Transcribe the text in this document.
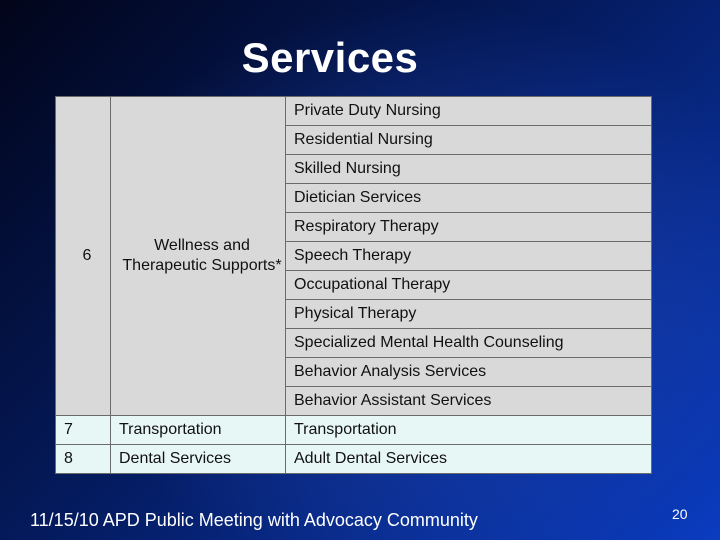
Services
6	Wellness and Therapeutic Supports*	Private Duty Nursing
		Residential Nursing
		Skilled Nursing
		Dietician Services
		Respiratory Therapy
		Speech Therapy
		Occupational Therapy
		Physical Therapy
		Specialized Mental Health Counseling
		Behavior Analysis Services
		Behavior Assistant Services
7	Transportation	Transportation
8	Dental Services	Adult Dental Services
11/15/10 APD Public Meeting with Advocacy Community	20
